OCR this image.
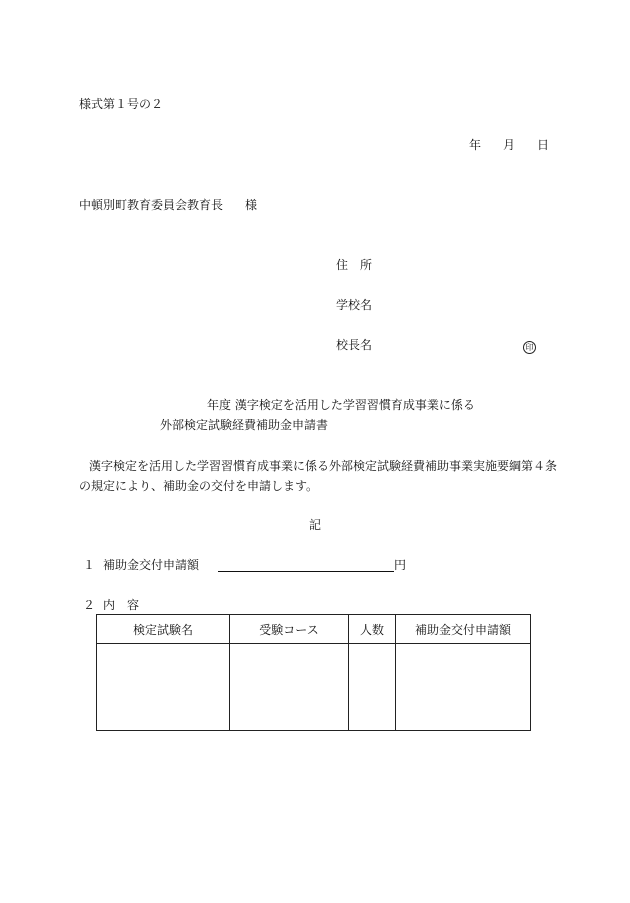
様式第１号の２
年 月 日
中頓別町教育委員会教育長 様
住　所
学校名
校長名	印
年度 漢字検定を活用した学習習慣育成事業に係る
外部検定試験経費補助金申請書
漢字検定を活用した学習習慣育成事業に係る外部検定試験経費補助事業実施要綱第４条
の規定により、補助金の交付を申請します。
記
１ 補助金交付申請額	円
２ 内　容
検定試験名	受験コース	人数	補助金交付申請額
